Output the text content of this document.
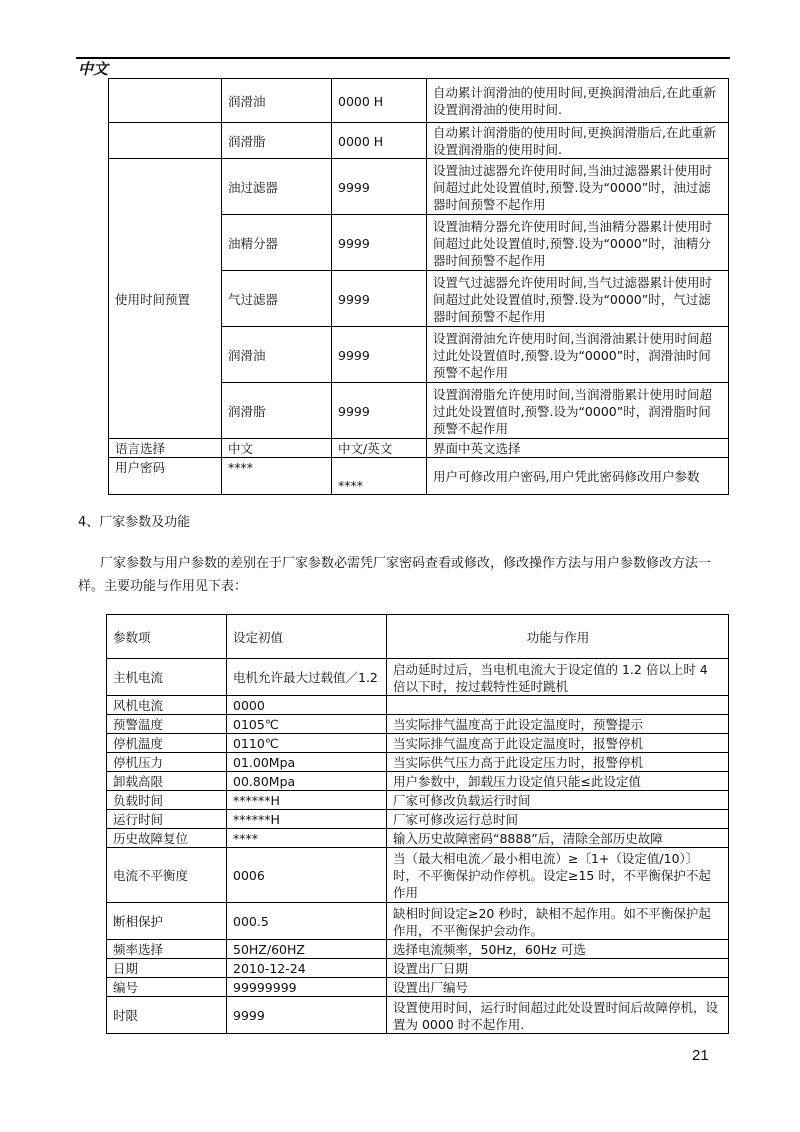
中文
	润滑油	0000 H	自动累计润滑油的使用时间,更换润滑油后,在此重新设置润滑油的使用时间.
	润滑脂	0000 H	自动累计润滑脂的使用时间,更换润滑脂后,在此重新设置润滑脂的使用时间.
使用时间预置	油过滤器	9999	设置油过滤器允许使用时间,当油过滤器累计使用时间超过此处设置值时,预警.设为“0000”时，油过滤器时间预警不起作用
	油精分器	9999	设置油精分器允许使用时间,当油精分器累计使用时间超过此处设置值时,预警.设为“0000”时，油精分器时间预警不起作用
	气过滤器	9999	设置气过滤器允许使用时间,当气过滤器累计使用时间超过此处设置值时,预警.设为“0000”时，气过滤器时间预警不起作用
	润滑油	9999	设置润滑油允许使用时间,当润滑油累计使用时间超过此处设置值时,预警.设为“0000”时，润滑油时间预警不起作用
	润滑脂	9999	设置润滑脂允许使用时间,当润滑脂累计使用时间超过此处设置值时,预警.设为“0000”时，润滑脂时间预警不起作用
语言选择	中文	中文/英文	界面中英文选择
用户密码	****	****	用户可修改用户密码,用户凭此密码修改用户参数
4、厂家参数及功能
厂家参数与用户参数的差别在于厂家参数必需凭厂家密码查看或修改，修改操作方法与用户参数修改方法一样。主要功能与作用见下表：
参数项	设定初值	功能与作用
主机电流	电机允许最大过载值／1.2	启动延时过后，当电机电流大于设定值的 1.2 倍以上时 4 倍以下时，按过载特性延时跳机
风机电流	0000	
预警温度	0105℃	当实际排气温度高于此设定温度时，预警提示
停机温度	0110℃	当实际排气温度高于此设定温度时，报警停机
停机压力	01.00Mpa	当实际供气压力高于此设定压力时，报警停机
卸载高限	00.80Mpa	用户参数中，卸载压力设定值只能≤此设定值
负载时间	******H	厂家可修改负载运行时间
运行时间	******H	厂家可修改运行总时间
历史故障复位	****	输入历史故障密码“8888”后，清除全部历史故障
电流不平衡度	0006	当（最大相电流／最小相电流）≥〔1+（设定值/10）〕时，不平衡保护动作停机。设定≥15 时，不平衡保护不起作用
断相保护	000.5	缺相时间设定≥20 秒时，缺相不起作用。如不平衡保护起作用，不平衡保护会动作。
频率选择	50HZ/60HZ	选择电流频率，50Hz，60Hz 可选
日期	2010-12-24	设置出厂日期
编号	99999999	设置出厂编号
时限	9999	设置使用时间，运行时间超过此处设置时间后故障停机，设置为 0000 时不起作用.
21
